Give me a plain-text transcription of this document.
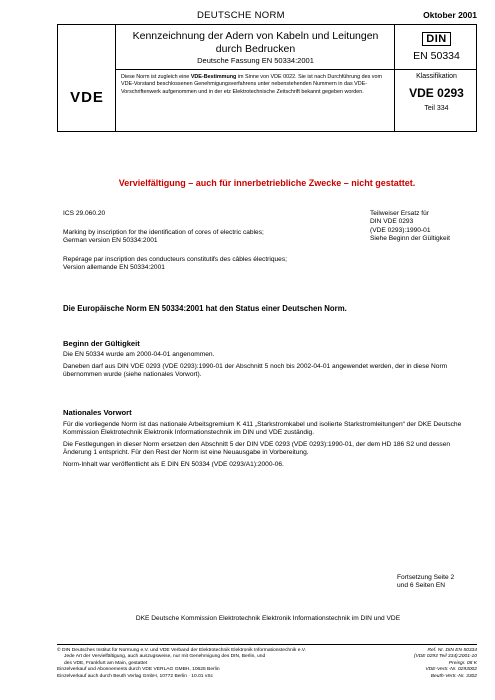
DEUTSCHE NORM	Oktober 2001
Kennzeichnung der Adern von Kabeln und Leitungen
durch Bedrucken
Deutsche Fassung EN 50334:2001
DIN
EN 50334
VDE
Diese Norm ist zugleich eine VDE-Bestimmung im Sinne von VDE 0022. Sie ist nach Durchführung des vom VDE-Vorstand beschlossenen Genehmigungsverfahrens unter nebenstehenden Nummern in das VDE-Vorschriftenwerk aufgenommen und in der etz Elektrotechnische Zeitschrift bekannt gegeben worden.
Klassifikation
VDE 0293
Teil 334
Vervielfältigung – auch für innerbetriebliche Zwecke – nicht gestattet.
ICS 29.060.20
Marking by inscription for the identification of cores of electric cables;
German version EN 50334:2001
Repérage par inscription des conducteurs constitutifs des câbles électriques;
Version allemande EN 50334:2001
Teilweiser Ersatz für
DIN VDE 0293
(VDE 0293):1990-01
Siehe Beginn der Gültigkeit
Die Europäische Norm EN 50334:2001 hat den Status einer Deutschen Norm.
Beginn der Gültigkeit
Die EN 50334 wurde am 2000-04-01 angenommen.
Daneben darf aus DIN VDE 0293 (VDE 0293):1990-01 der Abschnitt 5 noch bis 2002-04-01 angewendet werden, der in diese Norm übernommen wurde (siehe nationales Vorwort).
Nationales Vorwort
Für die vorliegende Norm ist das nationale Arbeitsgremium K 411 „Starkstromkabel und isolierte Starkstromleitungen“ der DKE Deutsche Kommission Elektrotechnik Elektronik Informationstechnik im DIN und VDE zuständig.
Die Festlegungen in dieser Norm ersetzen den Abschnitt 5 der DIN VDE 0293 (VDE 0293):1990-01, der dem HD 186 S2 und dessen Änderung 1 entspricht. Für den Rest der Norm ist eine Neuausgabe in Vorbereitung.
Norm-Inhalt war veröffentlicht als E DIN EN 50334 (VDE 0293/A1):2000-06.
Fortsetzung Seite 2
und 6 Seiten EN
DKE Deutsche Kommission Elektrotechnik Elektronik Informationstechnik im DIN und VDE
© DIN Deutsches Institut für Normung e.V. und VDE Verband der Elektrotechnik Elektronik Informationstechnik e.V.
Jede Art der Vervielfältigung, auch auszugsweise, nur mit Genehmigung des DIN, Berlin, und
des VDE, Frankfurt am Main, gestattet
Einzelverkauf und Abonnements durch VDE VERLAG GMBH, 10625 Berlin
Einzelverkauf auch durch Beuth Verlag GmbH, 10772 Berlin · 10.01 vSc
Ref. Nr. DIN EN 50334
(VDE 0293 Teil 334):2001-10
Preisgr. 08 K
VDE-Vertr.-Nr. 0293002
Beuth-Vertr.-Nr. 3302
